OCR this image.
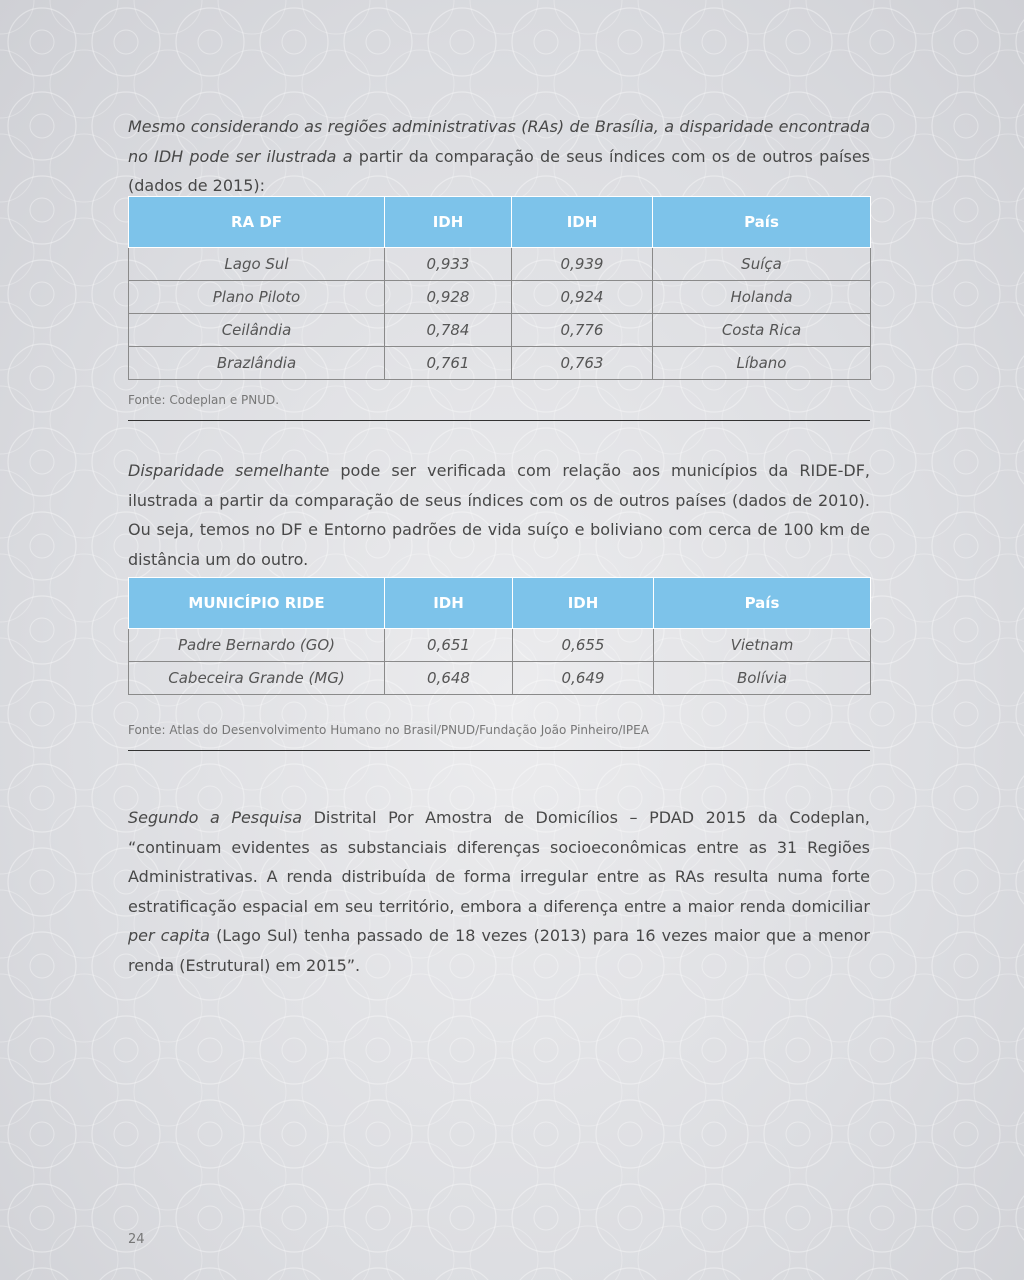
Mesmo considerando as regiões administrativas (RAs) de Brasília, a disparidade encontrada no IDH pode ser ilustrada a partir da comparação de seus índices com os de outros países (dados de 2015):

RA DF	IDH	IDH	País
Lago Sul	0,933	0,939	Suíça
Plano Piloto	0,928	0,924	Holanda
Ceilândia	0,784	0,776	Costa Rica
Brazlândia	0,761	0,763	Líbano

Fonte: Codeplan e PNUD.

Disparidade semelhante pode ser verificada com relação aos municípios da RIDE-DF, ilustrada a partir da comparação de seus índices com os de outros países (dados de 2010). Ou seja, temos no DF e Entorno padrões de vida suíço e boliviano com cerca de 100 km de distância um do outro.

MUNICÍPIO RIDE	IDH	IDH	País
Padre Bernardo (GO)	0,651	0,655	Vietnam
Cabeceira Grande (MG)	0,648	0,649	Bolívia

Fonte: Atlas do Desenvolvimento Humano no Brasil/PNUD/Fundação João Pinheiro/IPEA

Segundo a Pesquisa Distrital Por Amostra de Domicílios – PDAD 2015 da Codeplan, “continuam evidentes as substanciais diferenças socioeconômicas entre as 31 Regiões Administrativas. A renda distribuída de forma irregular entre as RAs resulta numa forte estratificação espacial em seu território, embora a diferença entre a maior renda domiciliar per capita (Lago Sul) tenha passado de 18 vezes (2013) para 16 vezes maior que a menor renda (Estrutural) em 2015”.

24
